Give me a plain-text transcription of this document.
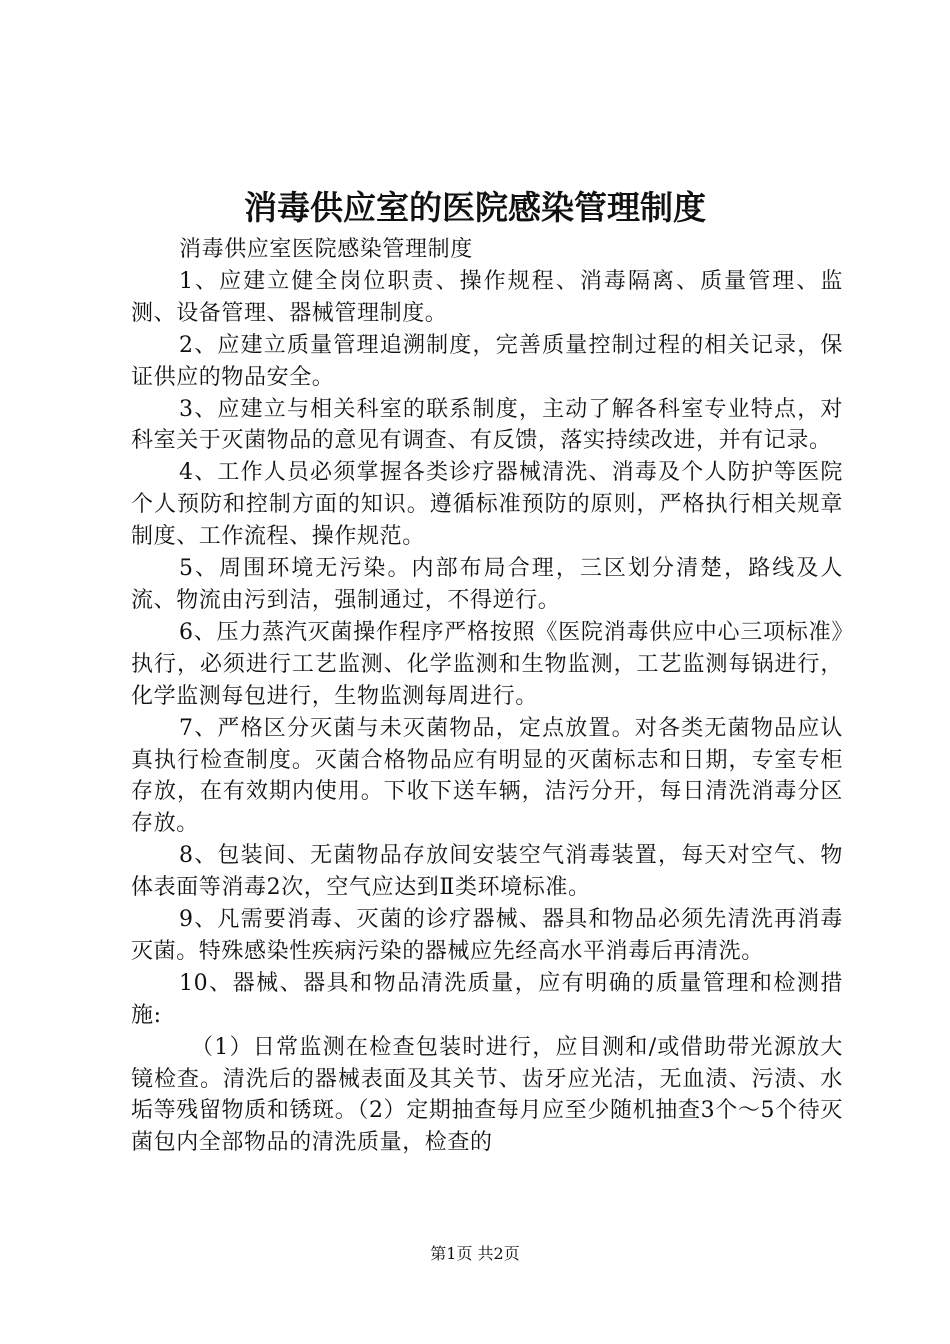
消毒供应室的医院感染管理制度

消毒供应室医院感染管理制度

1、应建立健全岗位职责、操作规程、消毒隔离、质量管理、监测、设备管理、器械管理制度。

2、应建立质量管理追溯制度，完善质量控制过程的相关记录，保证供应的物品安全。

3、应建立与相关科室的联系制度，主动了解各科室专业特点，对科室关于灭菌物品的意见有调查、有反馈，落实持续改进，并有记录。

4、工作人员必须掌握各类诊疗器械清洗、消毒及个人防护等医院个人预防和控制方面的知识。遵循标准预防的原则，严格执行相关规章制度、工作流程、操作规范。

5、周围环境无污染。内部布局合理，三区划分清楚，路线及人流、物流由污到洁，强制通过，不得逆行。

6、压力蒸汽灭菌操作程序严格按照《医院消毒供应中心三项标准》执行，必须进行工艺监测、化学监测和生物监测，工艺监测每锅进行，化学监测每包进行，生物监测每周进行。

7、严格区分灭菌与未灭菌物品，定点放置。对各类无菌物品应认真执行检查制度。灭菌合格物品应有明显的灭菌标志和日期，专室专柜存放，在有效期内使用。下收下送车辆，洁污分开，每日清洗消毒分区存放。

8、包装间、无菌物品存放间安装空气消毒装置，每天对空气、物体表面等消毒2次，空气应达到Ⅱ类环境标准。

9、凡需要消毒、灭菌的诊疗器械、器具和物品必须先清洗再消毒灭菌。特殊感染性疾病污染的器械应先经高水平消毒后再清洗。

10、器械、器具和物品清洗质量，应有明确的质量管理和检测措施:

（1）日常监测在检查包装时进行，应目测和/或借助带光源放大镜检查。清洗后的器械表面及其关节、齿牙应光洁，无血渍、污渍、水垢等残留物质和锈斑。（2）定期抽查每月应至少随机抽查3个～5个待灭菌包内全部物品的清洗质量，检查的

第1页 共2页
